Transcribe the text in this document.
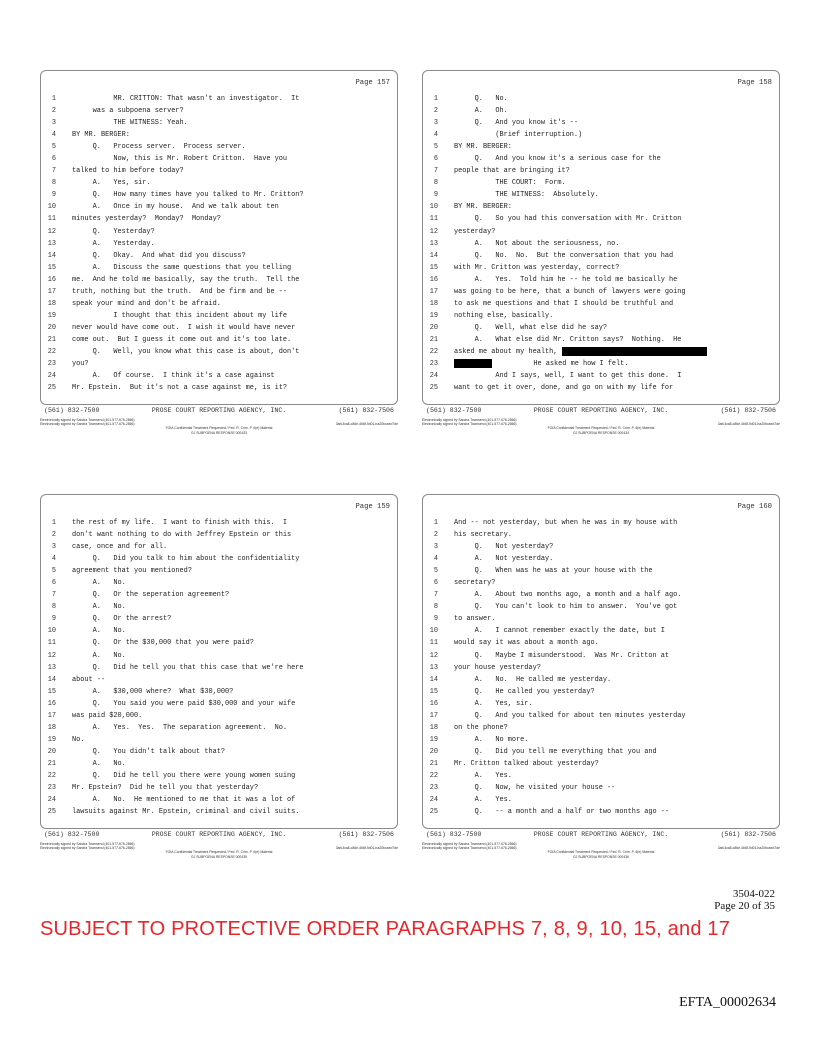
Page 157
1 MR. CRITTON: That wasn't an investigator.  It
2 was a subpoena server?
3 THE WITNESS: Yeah.
4 BY MR. BERGER:
5 Q.   Process server.  Process server.
6 Now, this is Mr. Robert Critton.  Have you
7 talked to him before today?
8 A.   Yes, sir.
9 Q.   How many times have you talked to Mr. Critton?
10 A.   Once in my house.  And we talk about ten
11 minutes yesterday?  Monday?  Monday?
12 Q.   Yesterday?
13 A.   Yesterday.
14 Q.   Okay.  And what did you discuss?
15 A.   Discuss the same questions that you telling
16 me.  And he told me basically, say the truth.  Tell the
17 truth, nothing but the truth.  And be firm and be --
18 speak your mind and don't be afraid.
19 I thought that this incident about my life
20 never would have come out.  I wish it would have never
21 come out.  But I guess it come out and it's too late.
22 Q.   Well, you know what this case is about, don't
23 you?
24 A.   Of course.  I think it's a case against
25 Mr. Epstein.  But it's not a case against me, is it?
(561) 832-7500	PROSE COURT REPORTING AGENCY, INC.	(561) 832-7506
Electronically signed by Sandra Townsend (401-577-676-2866)
Electronically signed by Sandra Townsend (401-577-676-2866)	3afc3ca8-c86e-4b8f-9d01-ba20bcaed7de
FOIA Confidential Treatment Requested / Fed. R. Crim. P. 6(e) Material
GJ SUBPOENA RESPONSE 000433
Page 158
1 Q.   No.
2 A.   Oh.
3 Q.   And you know it's --
4 (Brief interruption.)
5 BY MR. BERGER:
6 Q.   And you know it's a serious case for the
7 people that are bringing it?
8 THE COURT:  Form.
9 THE WITNESS:  Absolutely.
10 BY MR. BERGER:
11 Q.   So you had this conversation with Mr. Critton
12 yesterday?
13 A.   Not about the seriousness, no.
14 Q.   No.  No.  But the conversation that you had
15 with Mr. Critton was yesterday, correct?
16 A.   Yes.  Told him he -- he told me basically he
17 was going to be here, that a bunch of lawyers were going
18 to ask me questions and that I should be truthful and
19 nothing else, basically.
20 Q.   Well, what else did he say?
21 A.   What else did Mr. Critton says?  Nothing.  He
22 asked me about my health,
23	He asked me how I felt.
24 And I says, well, I want to get this done.  I
25 want to get it over, done, and go on with my life for
(561) 832-7500	PROSE COURT REPORTING AGENCY, INC.	(561) 832-7506
Electronically signed by Sandra Townsend (401-577-676-2866)
Electronically signed by Sandra Townsend (401-577-676-2866)	3afc3ca8-c86e-4b8f-9d01-ba20bcaed7de
FOIA Confidential Treatment Requested / Fed. R. Crim. P. 6(e) Material
GJ SUBPOENA RESPONSE 000434
Page 159
1 the rest of my life.  I want to finish with this.  I
2 don't want nothing to do with Jeffrey Epstein or this
3 case, once and for all.
4 Q.   Did you talk to him about the confidentiality
5 agreement that you mentioned?
6 A.   No.
7 Q.   Or the seperation agreement?
8 A.   No.
9 Q.   Or the arrest?
10 A.   No.
11 Q.   Or the $30,000 that you were paid?
12 A.   No.
13 Q.   Did he tell you that this case that we're here
14 about --
15 A.   $30,000 where?  What $30,000?
16 Q.   You said you were paid $30,000 and your wife
17 was paid $20,000.
18 A.   Yes.  Yes.  The separation agreement.  No.
19 No.
20 Q.   You didn't talk about that?
21 A.   No.
22 Q.   Did he tell you there were young women suing
23 Mr. Epstein?  Did he tell you that yesterday?
24 A.   No.  He mentioned to me that it was a lot of
25 lawsuits against Mr. Epstein, criminal and civil suits.
(561) 832-7500	PROSE COURT REPORTING AGENCY, INC.	(561) 832-7506
Electronically signed by Sandra Townsend (401-577-676-2866)
Electronically signed by Sandra Townsend (401-577-676-2866)	3afc3ca8-c86e-4b8f-9d01-ba20bcaed7de
FOIA Confidential Treatment Requested / Fed. R. Crim. P. 6(e) Material
GJ SUBPOENA RESPONSE 000435
Page 160
1 And -- not yesterday, but when he was in my house with
2 his secretary.
3 Q.   Not yesterday?
4 A.   Not yesterday.
5 Q.   When was he was at your house with the
6 secretary?
7 A.   About two months ago, a month and a half ago.
8 Q.   You can't look to him to answer.  You've got
9 to answer.
10 A.   I cannot remember exactly the date, but I
11 would say it was about a month ago.
12 Q.   Maybe I misunderstood.  Was Mr. Critton at
13 your house yesterday?
14 A.   No.  He called me yesterday.
15 Q.   He called you yesterday?
16 A.   Yes, sir.
17 Q.   And you talked for about ten minutes yesterday
18 on the phone?
19 A.   No more.
20 Q.   Did you tell me everything that you and
21 Mr. Critton talked about yesterday?
22 A.   Yes.
23 Q.   Now, he visited your house --
24 A.   Yes.
25 Q.   -- a month and a half or two months ago --
(561) 832-7500	PROSE COURT REPORTING AGENCY, INC.	(561) 832-7506
Electronically signed by Sandra Townsend (401-577-676-2866)
Electronically signed by Sandra Townsend (401-577-676-2866)	3afc3ca8-c86e-4b8f-9d01-ba20bcaed7de
FOIA Confidential Treatment Requested / Fed. R. Crim. P. 6(e) Material
GJ SUBPOENA RESPONSE 000436
3504-022
Page 20 of 35
SUBJECT TO PROTECTIVE ORDER PARAGRAPHS 7, 8, 9, 10, 15, and 17
EFTA_00002634
